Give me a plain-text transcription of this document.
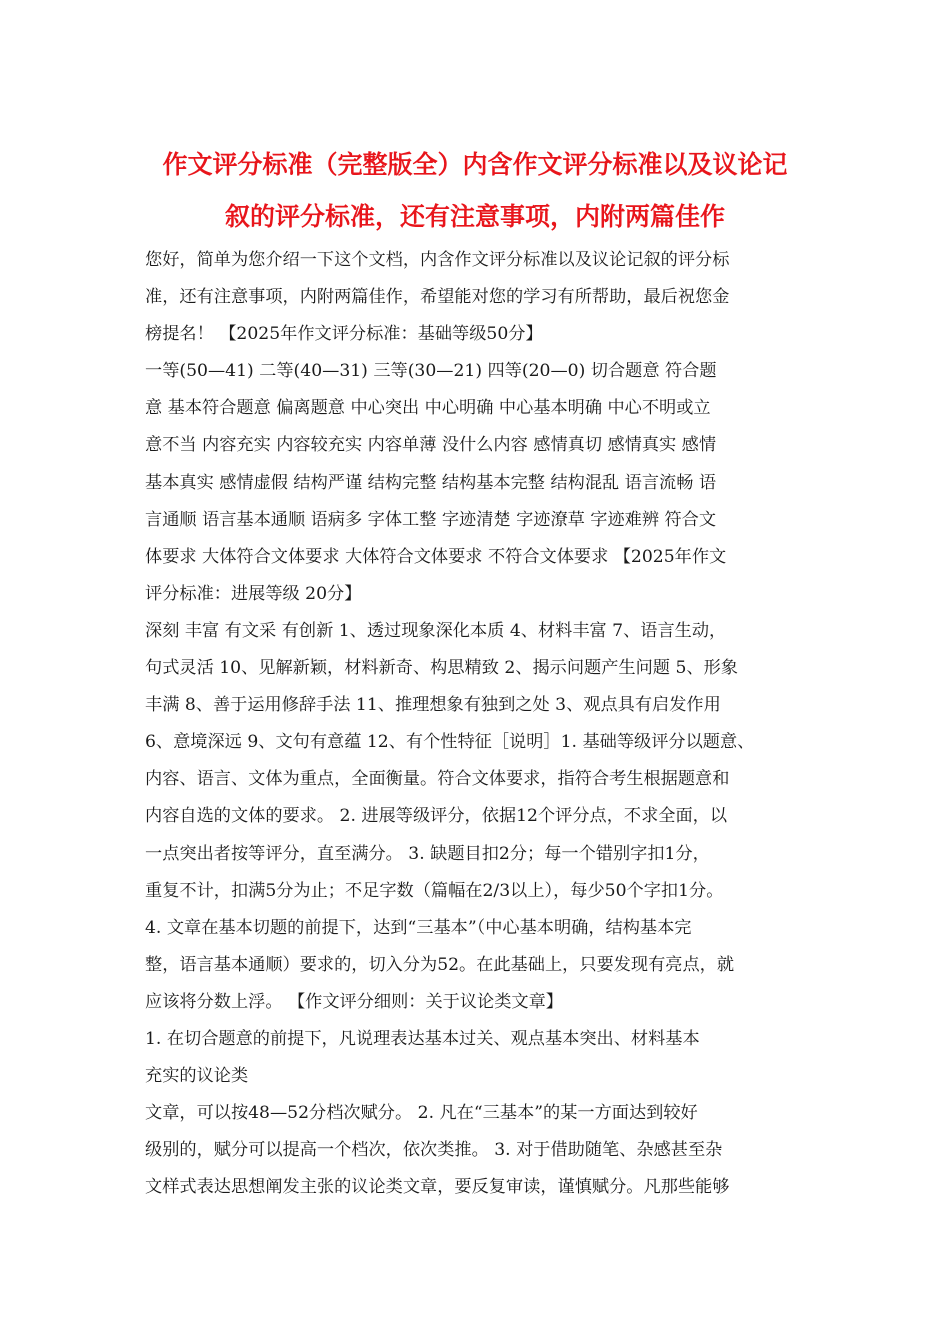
作文评分标准（完整版全）内含作文评分标准以及议论记
叙的评分标准，还有注意事项，内附两篇佳作
您好，简单为您介绍一下这个文档，内含作文评分标准以及议论记叙的评分标
准，还有注意事项，内附两篇佳作，希望能对您的学习有所帮助，最后祝您金
榜提名！ 【2025年作文评分标准：基础等级50分】
一等(50—41) 二等(40—31) 三等(30—21) 四等(20—0) 切合题意 符合题
意 基本符合题意 偏离题意 中心突出 中心明确 中心基本明确 中心不明或立
意不当 内容充实 内容较充实 内容单薄 没什么内容 感情真切 感情真实 感情
基本真实 感情虚假 结构严谨 结构完整 结构基本完整 结构混乱 语言流畅 语
言通顺 语言基本通顺 语病多 字体工整 字迹清楚 字迹潦草 字迹难辨 符合文
体要求 大体符合文体要求 大体符合文体要求 不符合文体要求 【2025年作文
评分标准：进展等级 20分】
深刻 丰富 有文采 有创新 1、透过现象深化本质 4、材料丰富 7、语言生动，
句式灵活 10、见解新颖，材料新奇、构思精致 2、揭示问题产生问题 5、形象
丰满 8、善于运用修辞手法 11、推理想象有独到之处 3、观点具有启发作用
6、意境深远 9、文句有意蕴 12、有个性特征［说明］1. 基础等级评分以题意、
内容、语言、文体为重点，全面衡量。符合文体要求，指符合考生根据题意和
内容自选的文体的要求。 2. 进展等级评分，依据12个评分点，不求全面，以
一点突出者按等评分，直至满分。 3. 缺题目扣2分；每一个错别字扣1分，
重复不计，扣满5分为止；不足字数（篇幅在2/3以上），每少50个字扣1分。
4. 文章在基本切题的前提下，达到“三基本”（中心基本明确，结构基本完
整，语言基本通顺）要求的，切入分为52。在此基础上，只要发现有亮点，就
应该将分数上浮。 【作文评分细则：关于议论类文章】
1. 在切合题意的前提下，凡说理表达基本过关、观点基本突出、材料基本
充实的议论类
文章，可以按48—52分档次赋分。 2. 凡在“三基本”的某一方面达到较好
级别的，赋分可以提高一个档次，依次类推。 3. 对于借助随笔、杂感甚至杂
文样式表达思想阐发主张的议论类文章，要反复审读，谨慎赋分。凡那些能够
